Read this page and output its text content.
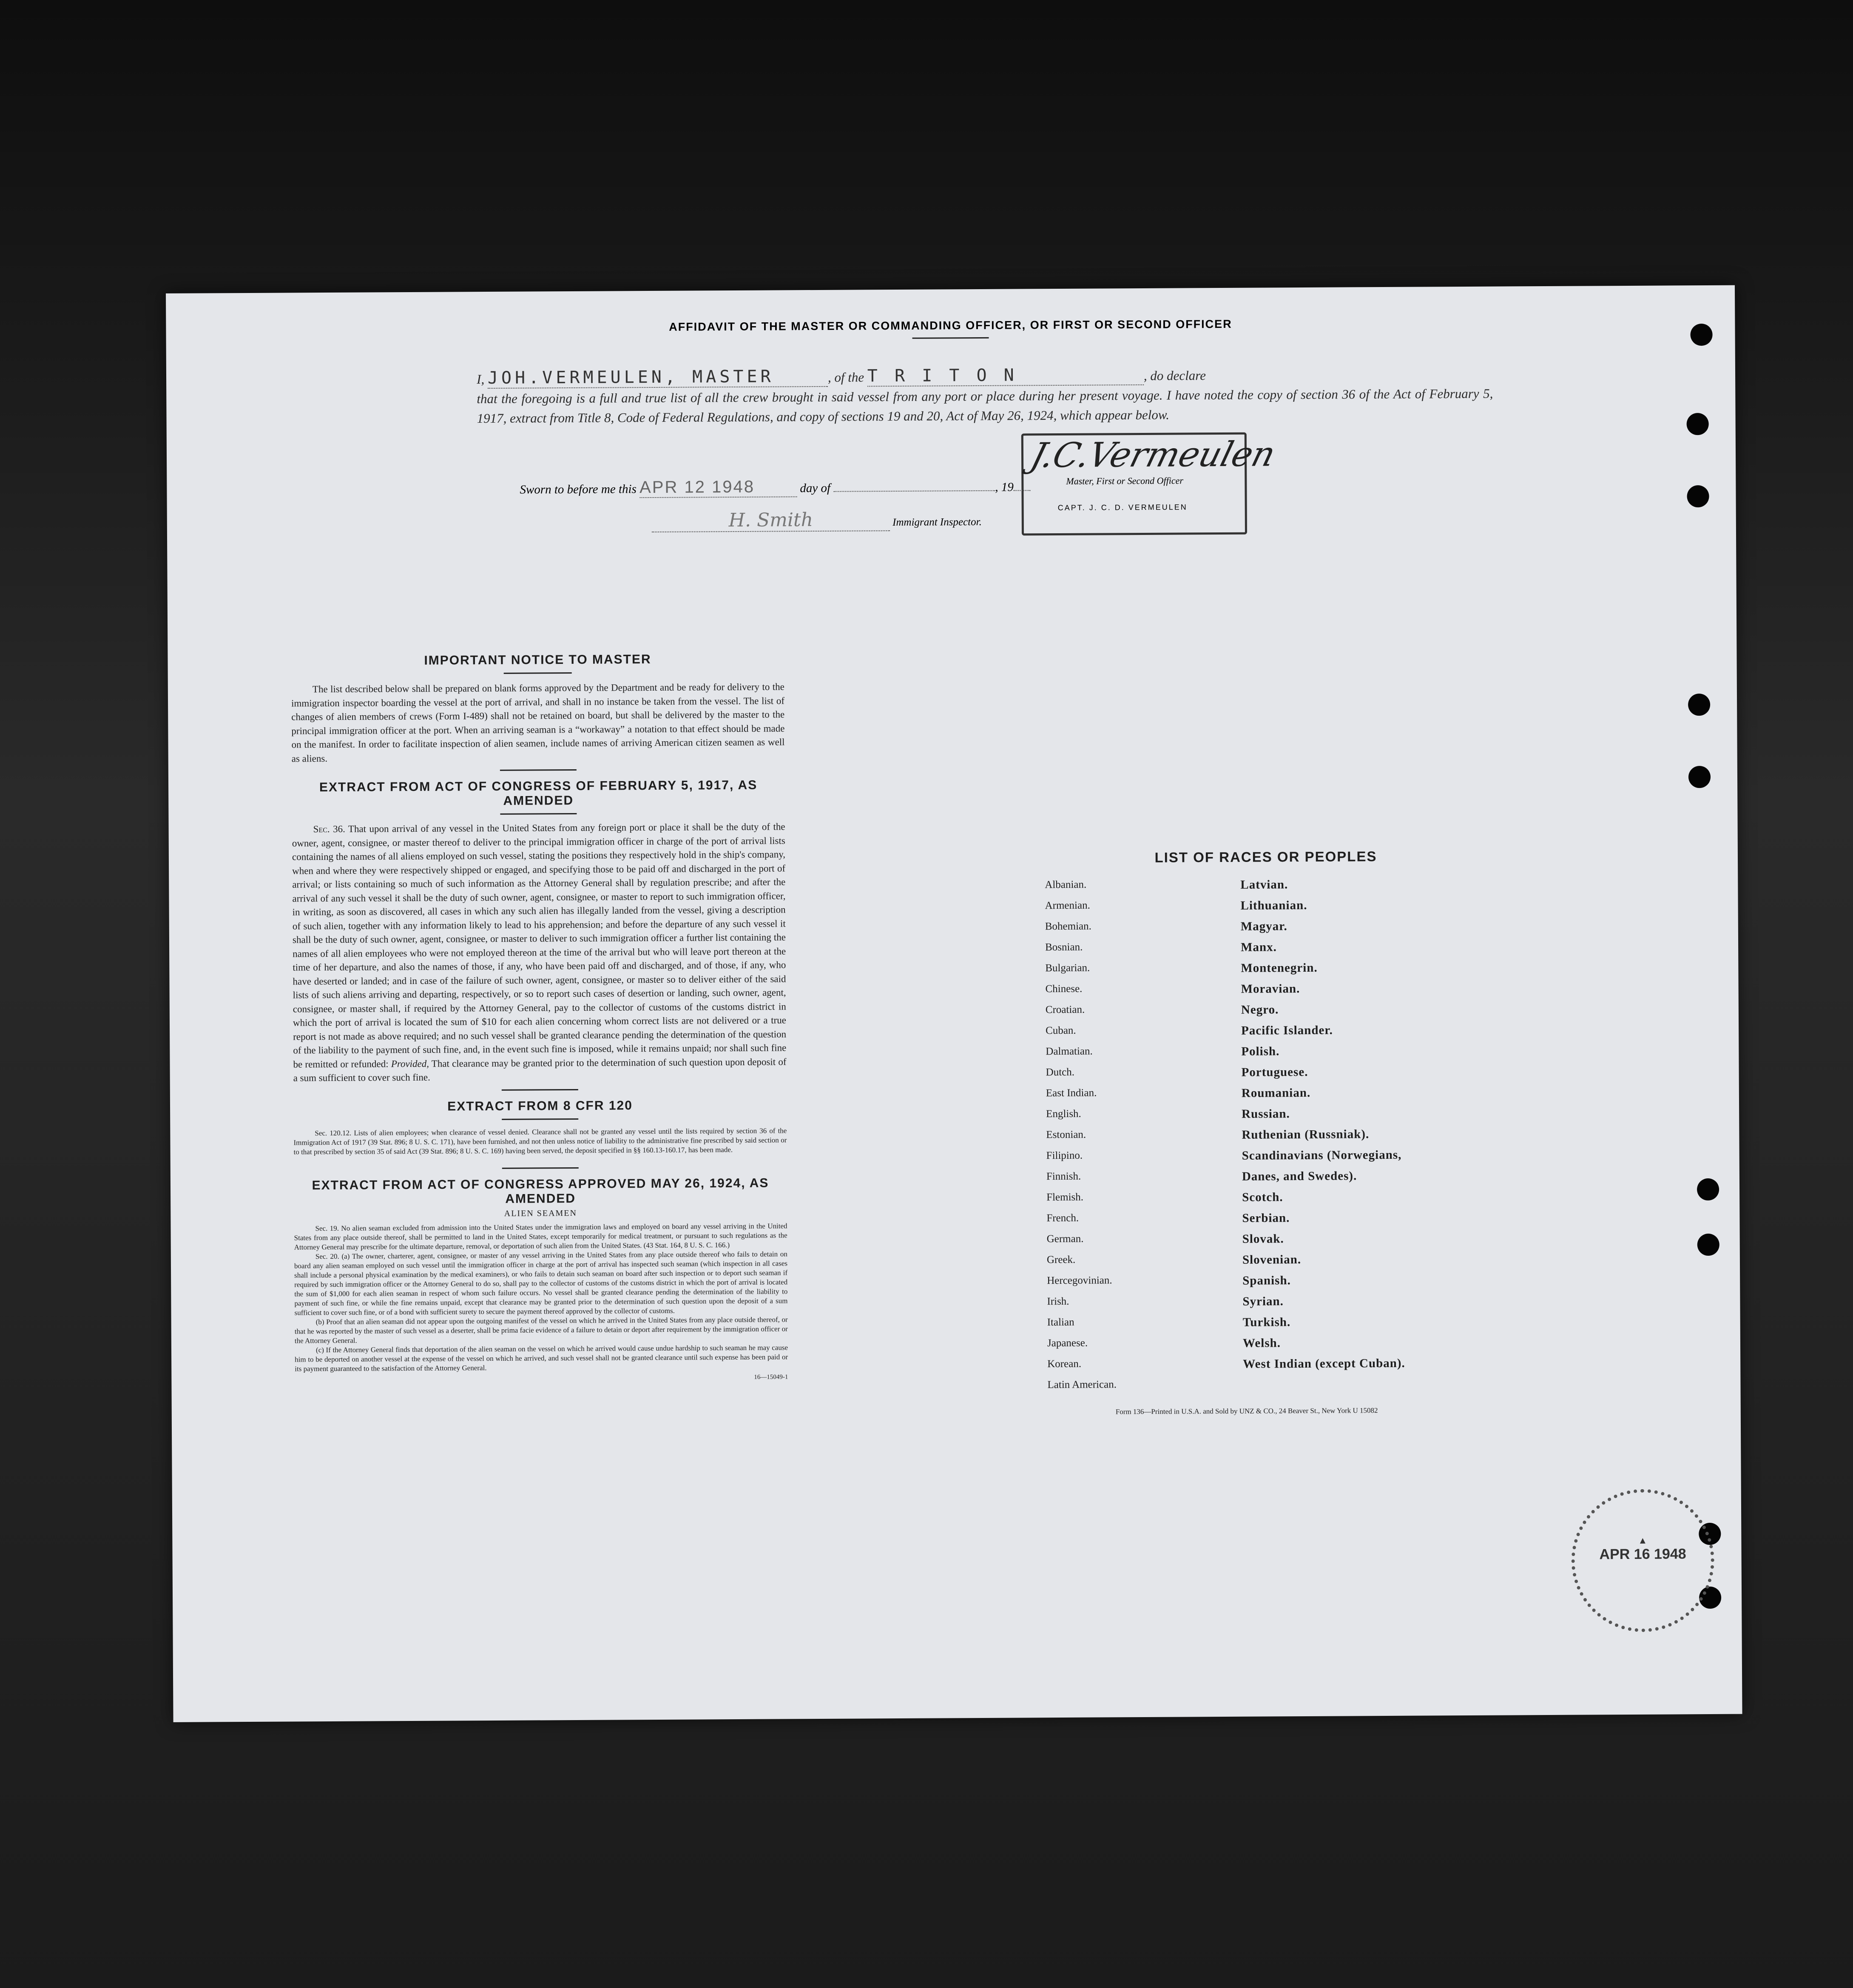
AFFIDAVIT OF THE MASTER OR COMMANDING OFFICER, OR FIRST OR SECOND OFFICER
I, JOH.VERMEULEN, MASTER	, of the T R I T O N	, do declare
that the foregoing is a full and true list of all the crew brought in said vessel from any port or place during her present voyage. I have noted the copy of section 36 of the Act of February 5, 1917, extract from Title 8, Code of Federal Regulations, and copy of sections 19 and 20, Act of May 26, 1924, which appear below.
J.C.Vermeulen
Master, First or Second Officer
CAPT. J. C. D. VERMEULEN
Sworn to before me this APR 12 1948	day of	, 19
H. Smith	Immigrant Inspector.
IMPORTANT NOTICE TO MASTER
The list described below shall be prepared on blank forms approved by the Department and be ready for delivery to the immigration inspector boarding the vessel at the port of arrival, and shall in no instance be taken from the vessel. The list of changes of alien members of crews (Form I-489) shall not be retained on board, but shall be delivered by the master to the principal immigration officer at the port. When an arriving seaman is a “workaway” a notation to that effect should be made on the manifest. In order to facilitate inspection of alien seamen, include names of arriving American citizen seamen as well as aliens.
EXTRACT FROM ACT OF CONGRESS OF FEBRUARY 5, 1917, AS AMENDED
Sec. 36. That upon arrival of any vessel in the United States from any foreign port or place it shall be the duty of the owner, agent, consignee, or master thereof to deliver to the principal immigration officer in charge of the port of arrival lists containing the names of all aliens employed on such vessel, stating the positions they respectively hold in the ship's company, when and where they were respectively shipped or engaged, and specifying those to be paid off and discharged in the port of arrival; or lists containing so much of such information as the Attorney General shall by regulation prescribe; and after the arrival of any such vessel it shall be the duty of such owner, agent, consignee, or master to report to such immigration officer, in writing, as soon as discovered, all cases in which any such alien has illegally landed from the vessel, giving a description of such alien, together with any information likely to lead to his apprehension; and before the departure of any such vessel it shall be the duty of such owner, agent, consignee, or master to deliver to such immigration officer a further list containing the names of all alien employees who were not employed thereon at the time of the arrival but who will leave port thereon at the time of her departure, and also the names of those, if any, who have been paid off and discharged, and of those, if any, who have deserted or landed; and in case of the failure of such owner, agent, consignee, or master so to deliver either of the said lists of such aliens arriving and departing, respectively, or so to report such cases of desertion or landing, such owner, agent, consignee, or master shall, if required by the Attorney General, pay to the collector of customs of the customs district in which the port of arrival is located the sum of $10 for each alien concerning whom correct lists are not delivered or a true report is not made as above required; and no such vessel shall be granted clearance pending the determination of the question of the liability to the payment of such fine, and, in the event such fine is imposed, while it remains unpaid; nor shall such fine be remitted or refunded: Provided, That clearance may be granted prior to the determination of such question upon deposit of a sum sufficient to cover such fine.
EXTRACT FROM 8 CFR 120
Sec. 120.12. Lists of alien employees; when clearance of vessel denied. Clearance shall not be granted any vessel until the lists required by section 36 of the Immigration Act of 1917 (39 Stat. 896; 8 U. S. C. 171), have been furnished, and not then unless notice of liability to the administrative fine prescribed by said section or to that prescribed by section 35 of said Act (39 Stat. 896; 8 U. S. C. 169) having been served, the deposit specified in §§ 160.13-160.17, has been made.
EXTRACT FROM ACT OF CONGRESS APPROVED MAY 26, 1924, AS AMENDED
ALIEN SEAMEN
Sec. 19. No alien seaman excluded from admission into the United States under the immigration laws and employed on board any vessel arriving in the United States from any place outside thereof, shall be permitted to land in the United States, except temporarily for medical treatment, or pursuant to such regulations as the Attorney General may prescribe for the ultimate departure, removal, or deportation of such alien from the United States. (43 Stat. 164, 8 U. S. C. 166.)
Sec. 20. (a) The owner, charterer, agent, consignee, or master of any vessel arriving in the United States from any place outside thereof who fails to detain on board any alien seaman employed on such vessel until the immigration officer in charge at the port of arrival has inspected such seaman (which inspection in all cases shall include a personal physical examination by the medical examiners), or who fails to detain such seaman on board after such inspection or to deport such seaman if required by such immigration officer or the Attorney General to do so, shall pay to the collector of customs of the customs district in which the port of arrival is located the sum of $1,000 for each alien seaman in respect of whom such failure occurs. No vessel shall be granted clearance pending the determination of the liability to payment of such fine, or while the fine remains unpaid, except that clearance may be granted prior to the determination of such question upon the deposit of a sum sufficient to cover such fine, or of a bond with sufficient surety to secure the payment thereof approved by the collector of customs.
(b) Proof that an alien seaman did not appear upon the outgoing manifest of the vessel on which he arrived in the United States from any place outside thereof, or that he was reported by the master of such vessel as a deserter, shall be prima facie evidence of a failure to detain or deport after requirement by the immigration officer or the Attorney General.
(c) If the Attorney General finds that deportation of the alien seaman on the vessel on which he arrived would cause undue hardship to such seaman he may cause him to be deported on another vessel at the expense of the vessel on which he arrived, and such vessel shall not be granted clearance until such expense has been paid or its payment guaranteed to the satisfaction of the Attorney General.
16—15049-1
LIST OF RACES OR PEOPLES
Albanian.	Latvian.
Armenian.	Lithuanian.
Bohemian.	Magyar.
Bosnian.	Manx.
Bulgarian.	Montenegrin.
Chinese.	Moravian.
Croatian.	Negro.
Cuban.	Pacific Islander.
Dalmatian.	Polish.
Dutch.	Portuguese.
East Indian.	Roumanian.
English.	Russian.
Estonian.	Ruthenian (Russniak).
Filipino.	Scandinavians (Norwegians,
Finnish.	Danes, and Swedes).
Flemish.	Scotch.
French.	Serbian.
German.	Slovak.
Greek.	Slovenian.
Hercegovinian.	Spanish.
Irish.	Syrian.
Italian	Turkish.
Japanese.	Welsh.
Korean.	West Indian (except Cuban).
Latin American.
Form 136—Printed in U.S.A. and Sold by UNZ & CO., 24 Beaver St., New York U 15082
▲
APR 16 1948
